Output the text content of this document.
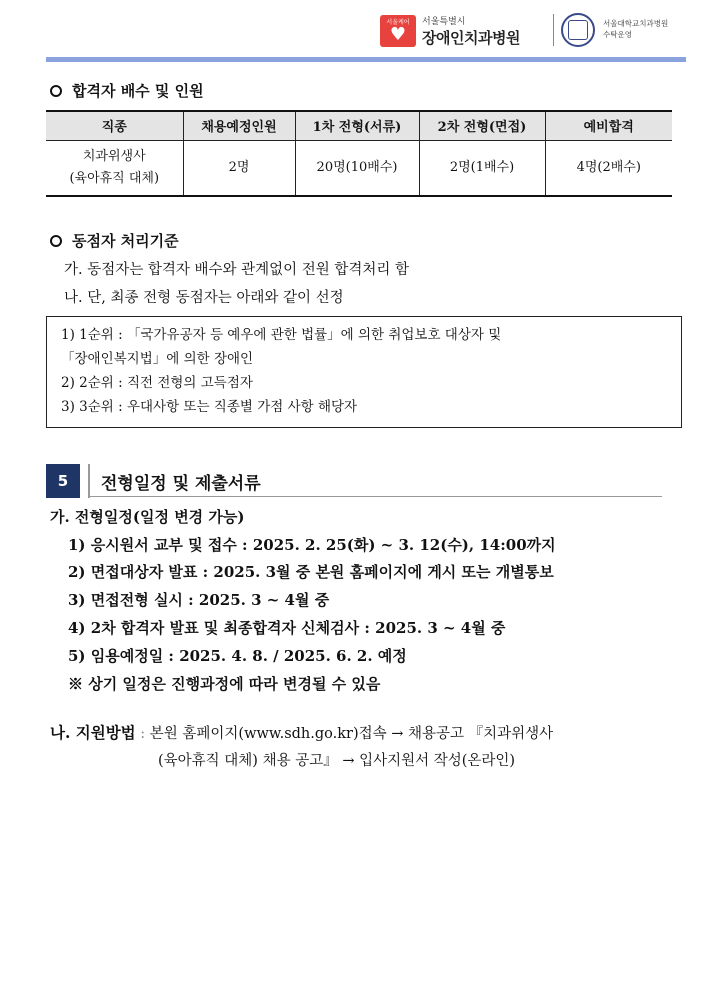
서울케어
♥
서울특별시
장애인치과병원
서울대학교치과병원
수탁운영
합격자 배수 및 인원
직종	채용예정인원	1차 전형(서류)	2차 전형(면접)	예비합격

치과위생사
(육아휴직 대체)	2명	20명(10배수)	2명(1배수)	4명(2배수)
동점자 처리기준
가. 동점자는 합격자 배수와 관계없이 전원 합격처리 함
나. 단, 최종 전형 동점자는 아래와 같이 선정
1) 1순위 : 「국가유공자 등 예우에 관한 법률」에 의한 취업보호 대상자 및
「장애인복지법」에 의한 장애인
2) 2순위 : 직전 전형의 고득점자
3) 3순위 : 우대사항 또는 직종별 가점 사항 해당자
5	전형일정 및 제출서류
가. 전형일정(일정 변경 가능)
1) 응시원서 교부 및 접수 : 2025. 2. 25(화) ~ 3. 12(수), 14:00까지
2) 면접대상자 발표 : 2025. 3월 중 본원 홈페이지에 게시 또는 개별통보
3) 면접전형 실시 : 2025. 3 ~ 4월 중
4) 2차 합격자 발표 및 최종합격자 신체검사 : 2025. 3 ~ 4월 중
5) 임용예정일 : 2025. 4. 8. / 2025. 6. 2. 예정
※ 상기 일정은 진행과정에 따라 변경될 수 있음
나. 지원방법 : 본원 홈페이지(www.sdh.go.kr)접속 → 채용공고 『치과위생사
(육아휴직 대체) 채용 공고』 → 입사지원서 작성(온라인)
